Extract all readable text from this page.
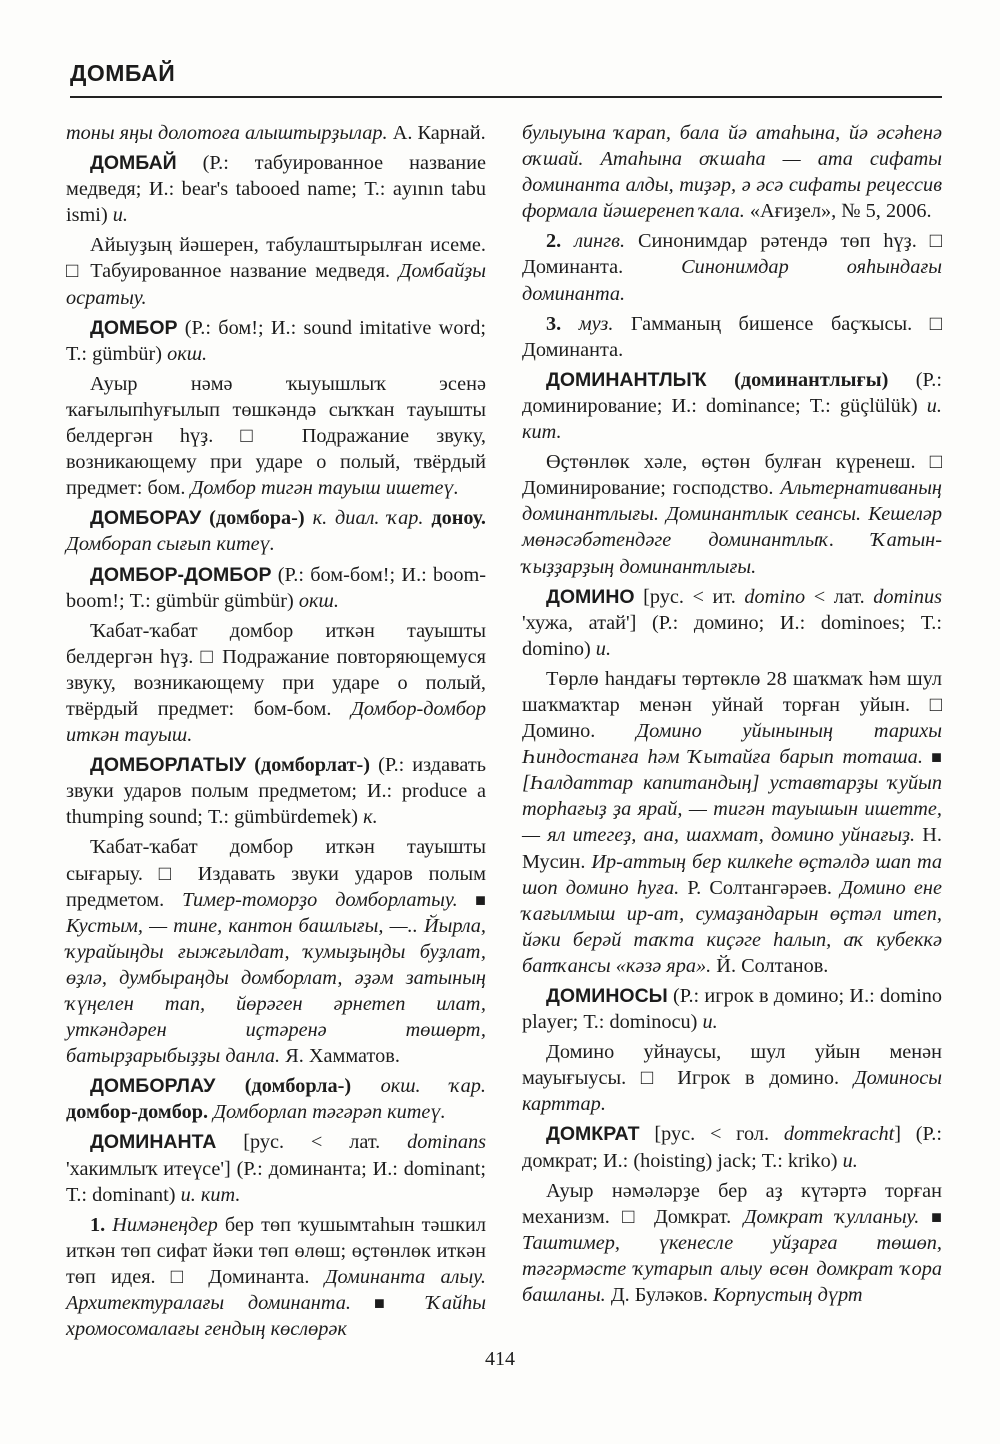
ДОМБАЙ

тоны яңы долотоға алыштырҙылар. А. Карнай.

ДОМБАЙ (Р.: табуированное название медведя; И.: bear's tabooed name; Т.: ayının tabu ismi) и.

Айыуҙың йәшерен, табулаштырылған исеме. □ Табуированное название медведя. Домбайҙы осратыу.

ДОМБОР (Р.: бом!; И.: sound imitative word; Т.: gümbür) окш.

Ауыр нәмә ҡыуышлыҡ эсенә ҡағылыпһуғылып төшкәндә сыҡҡан тауышты белдергән һүҙ. □ Подражание звуку, возникающему при ударе о полый, твёрдый предмет: бом. Домбор тигән тауыш ишетеү.

ДОМБОРАУ (домбора-) к. диал. ҡар. доноу. Домборап сығып китеү.

ДОМБОР-ДОМБОР (Р.: бом-бом!; И.: boom-boom!; Т.: gümbür gümbür) окш.

Ҡабат-ҡабат домбор иткән тауышты белдергән һүҙ. □ Подражание повторяющемуся звуку, возникающему при ударе о полый, твёрдый предмет: бом-бом. Домбор-домбор иткән тауыш.

ДОМБОРЛАТЫУ (домборлат-) (Р.: издавать звуки ударов полым предметом; И.: produce a thumping sound; Т.: gümbürdemek) к.

Ҡабат-ҡабат домбор иткән тауышты сығарыу. □ Издавать звуки ударов полым предметом. Тимер-томорҙо домборлатыу. ■ Кустым, — тине, кантон башлығы, —.. Йырла, ҡурайыңды ғыжғылдат, ҡумыҙыңды буҙлат, өҙлә, думбыраңды домборлат, әҙәм затының ҡүңелен тап, йөрәген әрнетеп илат, уткәндәрен иҫтәренә төшөрт, батырҙарыбыҙҙы данла. Я. Хамматов.

ДОМБОРЛАУ (домборла-) окш. ҡар. домбор-домбор. Домборлап тәгәрәп китеү.

ДОМИНАНТА [рус. < лат. dominans 'хакимлыҡ итеүсе'] (Р.: доминанта; И.: dominant; Т.: dominant) и. кит.

1. Нимәнеңдер бер төп ҡушымтаһын тәшкил иткән төп сифат йәки төп өлөш; өҫтөнлөк иткән төп идея. □ Доминанта. Доминанта алыу. Архитектуралағы доминанта. ■ Ҡайһы хромосомалағы гендың көслөрәк

булыуына ҡарап, бала йә атаһына, йә әсәһенә оҡшай. Атаһына оҡшаһа — ата сифаты доминанта алды, тиҙәр, ә әсә сифаты рецессив формала йәшеренеп ҡала. «Ағиҙел», № 5, 2006.

2. лингв. Синонимдар рәтендә төп һүҙ. □ Доминанта. Синонимдар ояһындағы доминанта.

3. муз. Гамманың бишенсе баҫҡысы. □ Доминанта.

ДОМИНАНТЛЫҠ (доминантлығы) (Р.: доминирование; И.: dominance; Т.: güçlülük) и. кит.

Өҫтөнлөк хәле, өҫтөн булған күренеш. □ Доминирование; господство. Альтернативаның доминантлығы. Доминантлык сеансы. Кешеләр мөнәсәбәтендәге доминантлыҡ. Ҡатын-ҡыҙҙарҙың доминантлығы.

ДОМИНО [рус. < ит. domino < лат. dominus 'хужа, атай'] (Р.: домино; И.: dominoes; Т.: domino) и.

Төрлө һандағы төртөклө 28 шаҡмаҡ һәм шул шаҡмаҡтар менән уйнай торған уйын. □ Домино. Домино уйынының тарихы Һиндостанға һәм Ҡытайға барып тоташа. ■ [Һалдаттар капитандың] уставтарҙы ҡуйып торһағыҙ ҙа ярай, — тигән тауышын ишетте, — ял итегеҙ, ана, шахмат, домино уйнағыҙ. Н. Мусин. Ир-аттың бер килкеһе өҫтәлдә шап та шоп домино һуға. Р. Солтангәрәев. Домино ене ҡағылмыш ир-ат, сумаҙандарын өҫтәл итеп, йәки берәй таҡта киҫәге һалып, аҡ кубеккә батҡансы «кәзә яра». Й. Солтанов.

ДОМИНОСЫ (Р.: игрок в домино; И.: domino player; Т.: dominocu) и.

Домино уйнаусы, шул уйын менән мауығыусы. □ Игрок в домино. Доминосы карттар.

ДОМКРАТ [рус. < гол. dommekracht] (Р.: домкрат; И.: (hoisting) jack; Т.: kriko) и.

Ауыр нәмәләрҙе бер аҙ күтәртә торған механизм. □ Домкрат. Домкрат ҡулланыу. ■ Таштимер, үкенесле уйҙарға төшөп, тәгәрмәсте ҡутарып алыу өсөн домкрат ҡора башланы. Д. Буләков. Корпустың дүрт

414
